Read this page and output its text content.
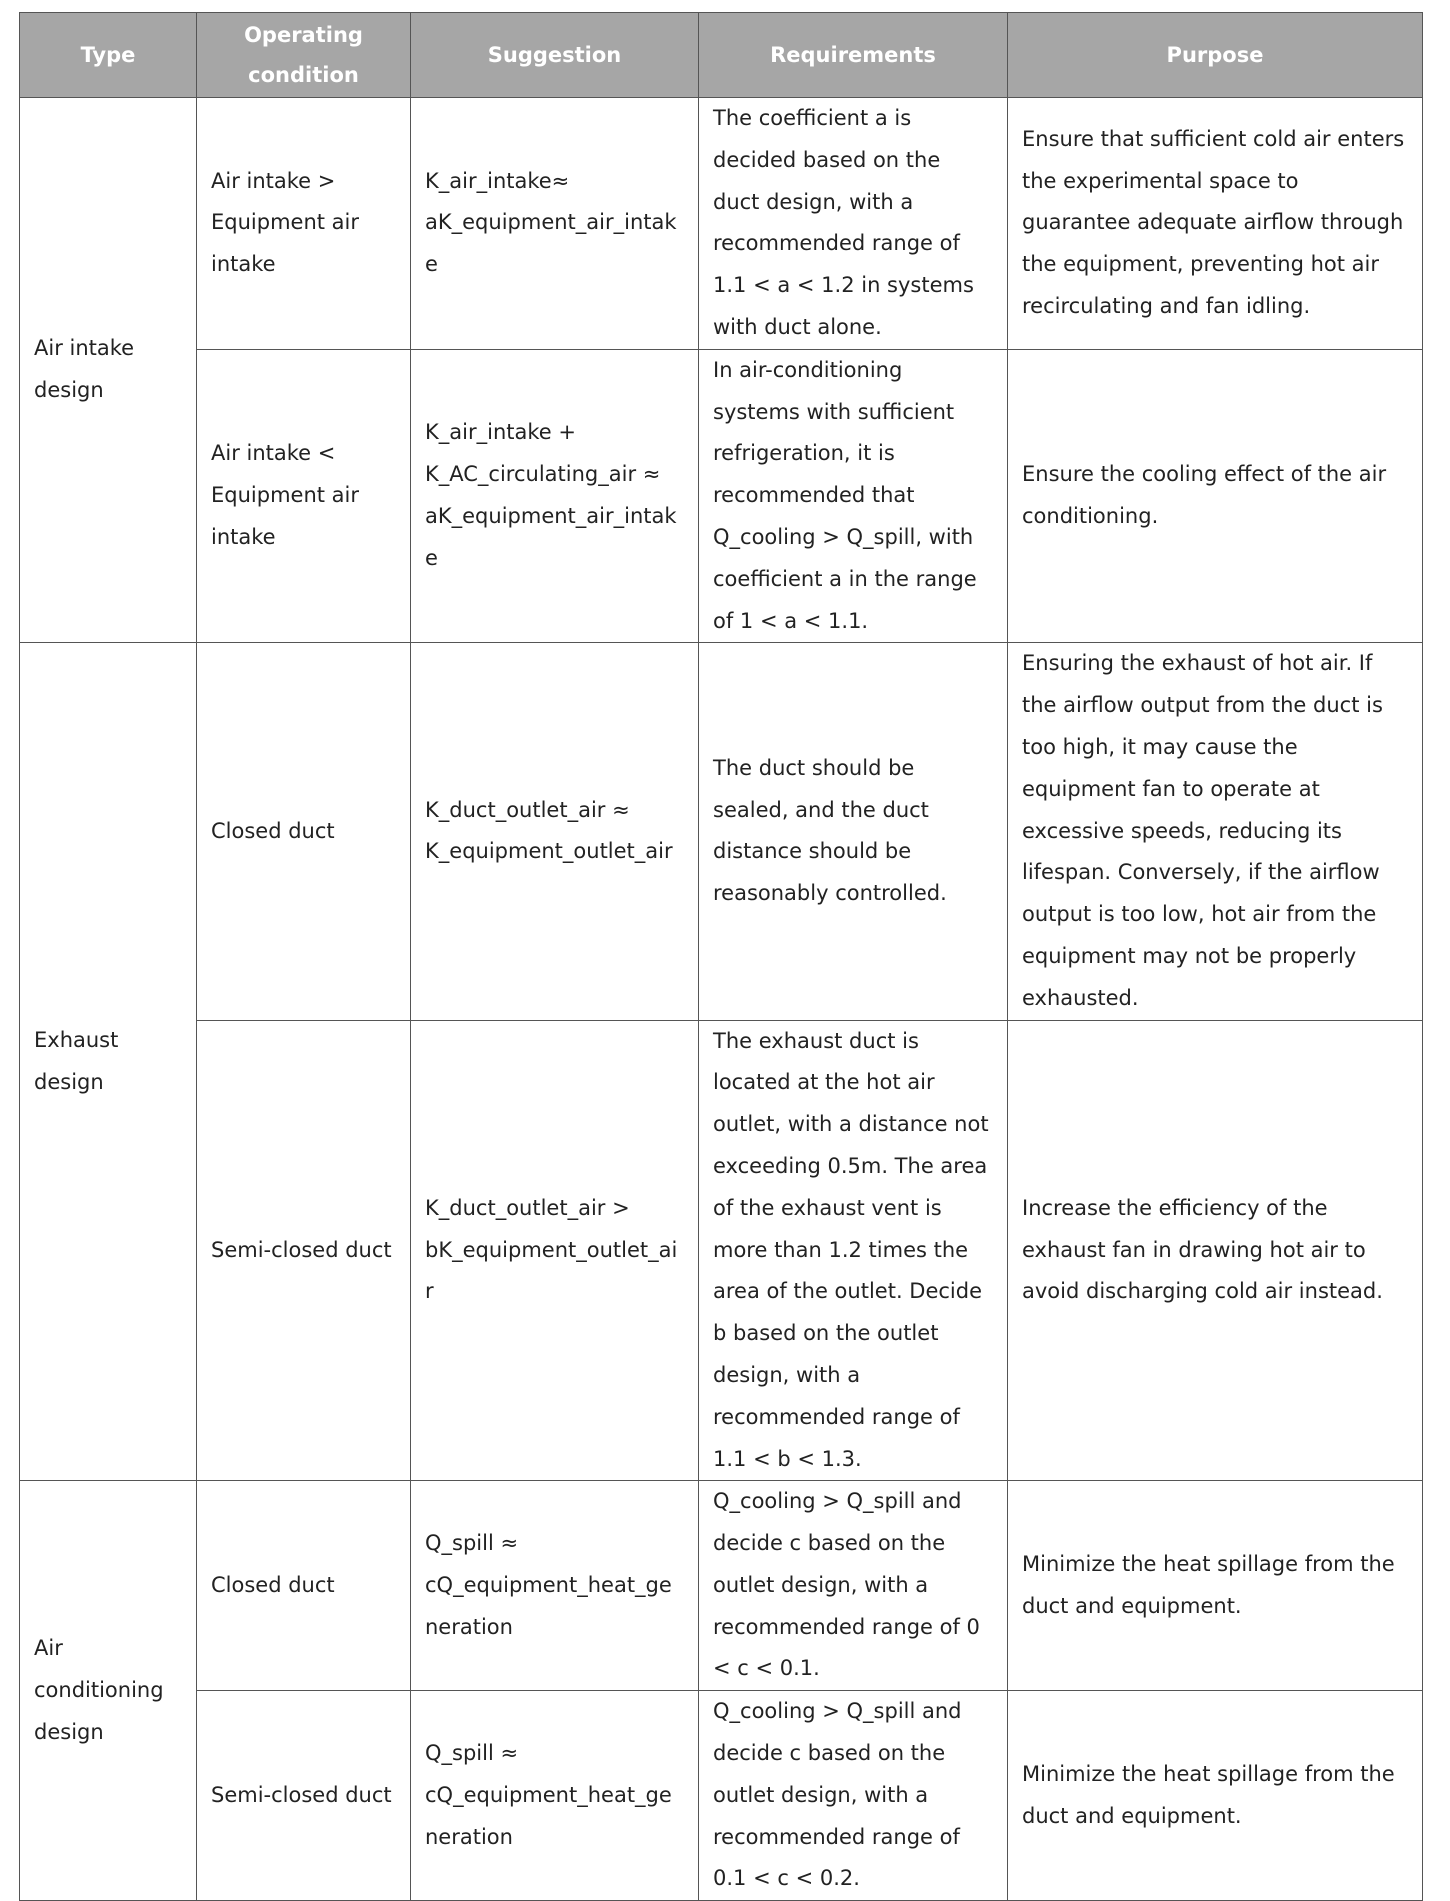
Type	Operating condition	Suggestion	Requirements	Purpose
Air intake design	Air intake > Equipment air intake	K_air_intake≈ aK_equipment_air_intake	The coefficient a is decided based on the duct design, with a recommended range of 1.1 < a < 1.2 in systems with duct alone.	Ensure that sufficient cold air enters the experimental space to guarantee adequate airflow through the equipment, preventing hot air recirculating and fan idling.
	Air intake < Equipment air intake	K_air_intake + K_AC_circulating_air ≈ aK_equipment_air_intake	In air-conditioning systems with sufficient refrigeration, it is recommended that Q_cooling > Q_spill, with coefficient a in the range of 1 < a < 1.1.	Ensure the cooling effect of the air conditioning.
Exhaust design	Closed duct	K_duct_outlet_air ≈ K_equipment_outlet_air	The duct should be sealed, and the duct distance should be reasonably controlled.	Ensuring the exhaust of hot air. If the airflow output from the duct is too high, it may cause the equipment fan to operate at excessive speeds, reducing its lifespan. Conversely, if the airflow output is too low, hot air from the equipment may not be properly exhausted.
	Semi-closed duct	K_duct_outlet_air > bK_equipment_outlet_air	The exhaust duct is located at the hot air outlet, with a distance not exceeding 0.5m. The area of the exhaust vent is more than 1.2 times the area of the outlet. Decide b based on the outlet design, with a recommended range of 1.1 < b < 1.3.	Increase the efficiency of the exhaust fan in drawing hot air to avoid discharging cold air instead.
Air conditioning design	Closed duct	Q_spill ≈ cQ_equipment_heat_generation	Q_cooling > Q_spill and decide c based on the outlet design, with a recommended range of 0 < c < 0.1.	Minimize the heat spillage from the duct and equipment.
	Semi-closed duct	Q_spill ≈ cQ_equipment_heat_generation	Q_cooling > Q_spill and decide c based on the outlet design, with a recommended range of 0.1 < c < 0.2.	Minimize the heat spillage from the duct and equipment.
